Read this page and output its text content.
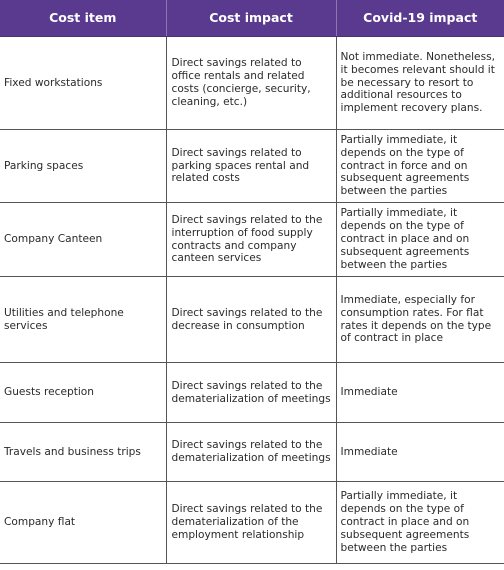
Cost item	Cost impact	Covid-19 impact
Fixed workstations	Direct savings related to office rentals and related costs (concierge, security, cleaning, etc.)	Not immediate. Nonetheless, it becomes relevant should it be necessary to resort to additional resources to implement recovery plans.
Parking spaces	Direct savings related to parking spaces rental and related costs	Partially immediate, it depends on the type of contract in force and on subsequent agreements between the parties
Company Canteen	Direct savings related to the interruption of food supply contracts and company canteen services	Partially immediate, it depends on the type of contract in place and on subsequent agreements between the parties
Utilities and telephone services	Direct savings related to the decrease in consumption	Immediate, especially for consumption rates. For flat rates it depends on the type of contract in place
Guests reception	Direct savings related to the dematerialization of meetings	Immediate
Travels and business trips	Direct savings related to the dematerialization of meetings	Immediate
Company flat	Direct savings related to the dematerialization of the employment relationship	Partially immediate, it depends on the type of contract in place and on subsequent agreements between the parties
